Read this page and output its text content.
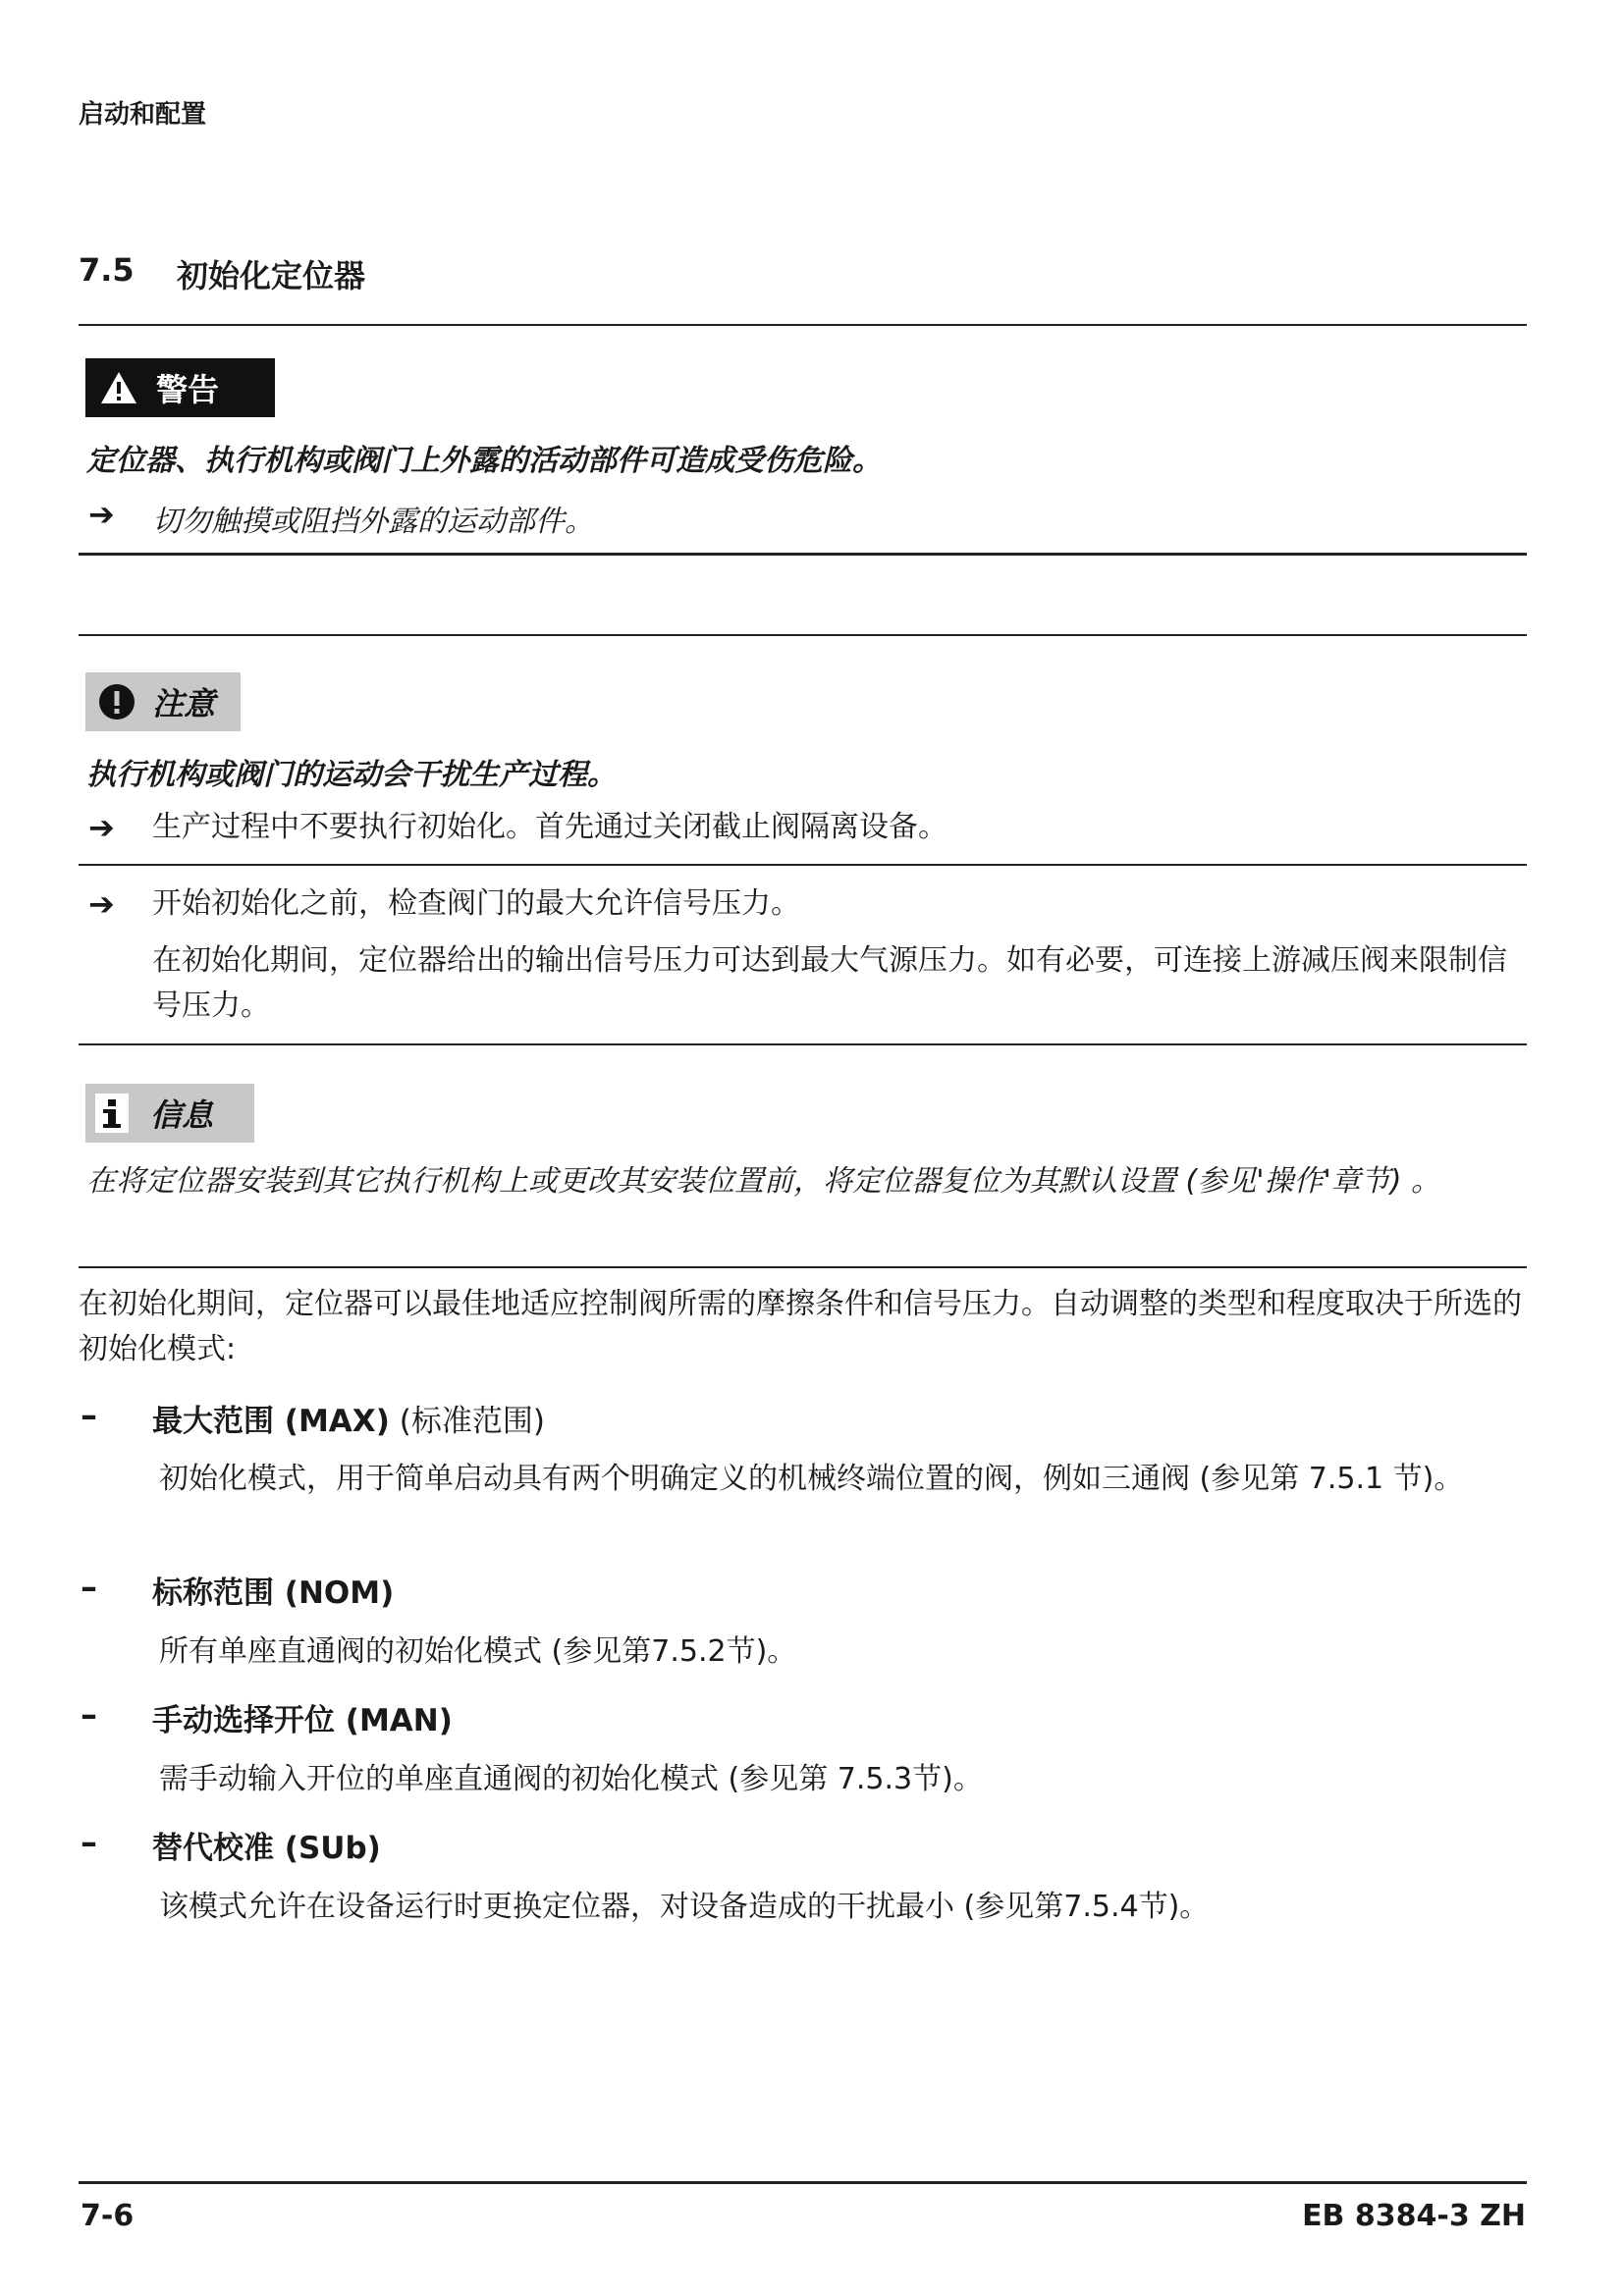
启动和配置
7.5 初始化定位器
警告
定位器、执行机构或阀门上外露的活动部件可造成受伤危险。
➔ 切勿触摸或阻挡外露的运动部件。
注意
执行机构或阀门的运动会干扰生产过程。
➔ 生产过程中不要执行初始化。首先通过关闭截止阀隔离设备。
➔ 开始初始化之前，检查阀门的最大允许信号压力。
在初始化期间，定位器给出的输出信号压力可达到最大气源压力。如有必要，可连接上游减压阀来限制信号压力。
信息
在将定位器安装到其它执行机构上或更改其安装位置前，将定位器复位为其默认设置 (参见'操作'章节) 。
在初始化期间，定位器可以最佳地适应控制阀所需的摩擦条件和信号压力。自动调整的类型和程度取决于所选的初始化模式:
– 最大范围 (MAX) (标准范围)
初始化模式，用于简单启动具有两个明确定义的机械终端位置的阀，例如三通阀 (参见第 7.5.1 节)。
– 标称范围 (NOM)
所有单座直通阀的初始化模式 (参见第7.5.2节)。
– 手动选择开位 (MAN)
需手动输入开位的单座直通阀的初始化模式 (参见第 7.5.3节)。
– 替代校准 (SUb)
该模式允许在设备运行时更换定位器，对设备造成的干扰最小 (参见第7.5.4节)。
7-6	EB 8384-3 ZH
